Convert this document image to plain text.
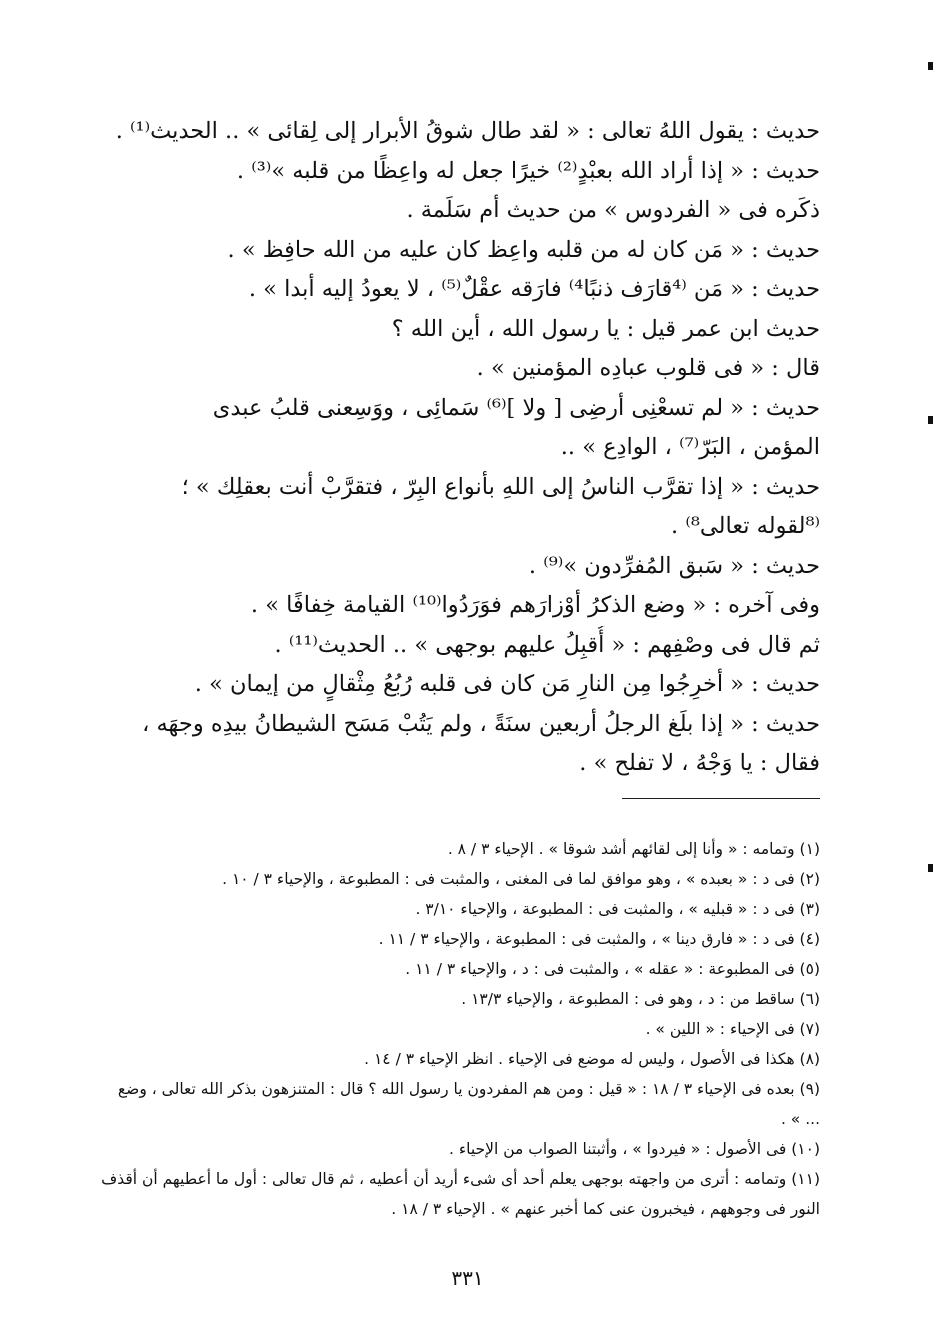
حديث : يقول اللهُ تعالى : « لقد طال شوقُ الأبرار إلى لِقائى » .. الحديث⁽¹⁾ .
حديث : « إذا أراد الله بعبْدٍ⁽²⁾ خيرًا جعل له واعِظًا من قلبه »⁽³⁾ .
ذكَره فى « الفردوس » من حديث أم سَلَمة .
حديث : « مَن كان له من قلبه واعِظ كان عليه من الله حافِظ » .
حديث : « مَن ⁽⁴قارَف ذنبًا⁴⁾ فارَقه عقْلٌ⁽⁵⁾ ، لا يعودُ إليه أبدا » .
حديث ابن عمر قيل : يا رسول الله ، أين الله ؟
قال : « فى قلوب عبادِه المؤمنين » .
حديث : « لم تسعْنِى أرضِى [ ولا ]⁽⁶⁾ سَمائِى ، ووَسِعنى قلبُ عبدى
المؤمن ، البَرّ⁽⁷⁾ ، الوادِع » ..
حديث : « إذا تقرَّب الناسُ إلى اللهِ بأنواع البِرّ ، فتقرَّبْ أنت بعقلِك » ؛
⁽⁸لقوله تعالى⁸⁾ .
حديث : « سَبق المُفرِّدون »⁽⁹⁾ .
وفى آخره : « وضع الذكرُ أوْزارَهم فوَرَدُوا⁽¹⁰⁾ القيامة خِفافًا » .
ثم قال فى وصْفِهم : « أُقبِلُ عليهم بوجهى » .. الحديث⁽¹¹⁾ .
حديث : « أخرِجُوا مِن النارِ مَن كان فى قلبه رُبُعُ مِثْقالٍ من إيمان » .
حديث : « إذا بلَغ الرجلُ أربعين سنَةً ، ولم يَتُبْ مَسَح الشيطانُ بيدِه وجهَه ،
فقال : يا وَجْهُ ، لا تفلح » .
(١) وتمامه : « وأنا إلى لقائهم أشد شوقا » . الإحياء ٣ / ٨ .
(٢) فى د : « بعبده » ، وهو موافق لما فى المغنى ، والمثبت فى : المطبوعة ، والإحياء ٣ / ١٠ .
(٣) فى د : « قبليه » ، والمثبت فى : المطبوعة ، والإحياء ٣/١٠ .
(٤) فى د : « فارق دينا » ، والمثبت فى : المطبوعة ، والإحياء ٣ / ١١ .
(٥) فى المطبوعة : « عقله » ، والمثبت فى : د ، والإحياء ٣ / ١١ .
(٦) ساقط من : د ، وهو فى : المطبوعة ، والإحياء ١٣/٣ .
(٧) فى الإحياء : « اللين » .
(٨) هكذا فى الأصول ، وليس له موضع فى الإحياء . انظر الإحياء ٣ / ١٤ .
(٩) بعده فى الإحياء ٣ / ١٨ : « قيل : ومن هم المفردون يا رسول الله ؟ قال : المتنزهون بذكر الله تعالى ، وضع ... » .
(١٠) فى الأصول : « فيردوا » ، وأثبتنا الصواب من الإحياء .
(١١) وتمامه : أترى من واجهته بوجهى يعلم أحد أى شىء أريد أن أعطيه ، ثم قال تعالى : أول ما أعطيهم أن أقذف النور فى وجوههم ، فيخبرون عنى كما أخبر عنهم » . الإحياء ٣ / ١٨ .
٣٣١
